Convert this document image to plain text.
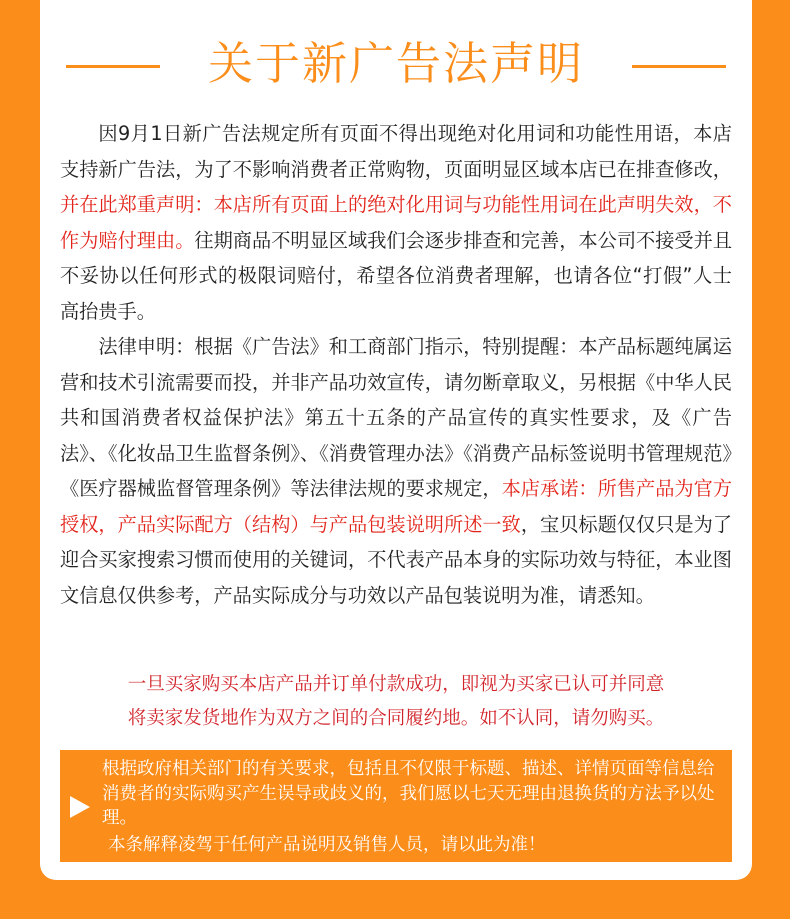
关于新广告法声明

因9月1日新广告法规定所有页面不得出现绝对化用词和功能性用语，本店支持新广告法，为了不影响消费者正常购物，页面明显区域本店已在排查修改，并在此郑重声明：本店所有页面上的绝对化用词与功能性用词在此声明失效，不作为赔付理由。往期商品不明显区域我们会逐步排查和完善，本公司不接受并且不妥协以任何形式的极限词赔付，希望各位消费者理解，也请各位“打假”人士高抬贵手。

法律申明：根据《广告法》和工商部门指示，特别提醒：本产品标题纯属运营和技术引流需要而投，并非产品功效宣传，请勿断章取义，另根据《中华人民共和国消费者权益保护法》第五十五条的产品宣传的真实性要求，及《广告法》、《化妆品卫生监督条例》、《消费管理办法》《消费产品标签说明书管理规范》《医疗器械监督管理条例》等法律法规的要求规定，本店承诺：所售产品为官方授权，产品实际配方（结构）与产品包装说明所述一致，宝贝标题仅仅只是为了迎合买家搜索习惯而使用的关键词，不代表产品本身的实际功效与特征，本业图文信息仅供参考，产品实际成分与功效以产品包装说明为准，请悉知。

一旦买家购买本店产品并订单付款成功，即视为买家已认可并同意
将卖家发货地作为双方之间的合同履约地。如不认同，请勿购买。
根据政府相关部门的有关要求，包括且不仅限于标题、描述、详情页面等信息给消费者的实际购买产生误导或歧义的，我们愿以七天无理由退换货的方法予以处理。
本条解释凌驾于任何产品说明及销售人员，请以此为准！
